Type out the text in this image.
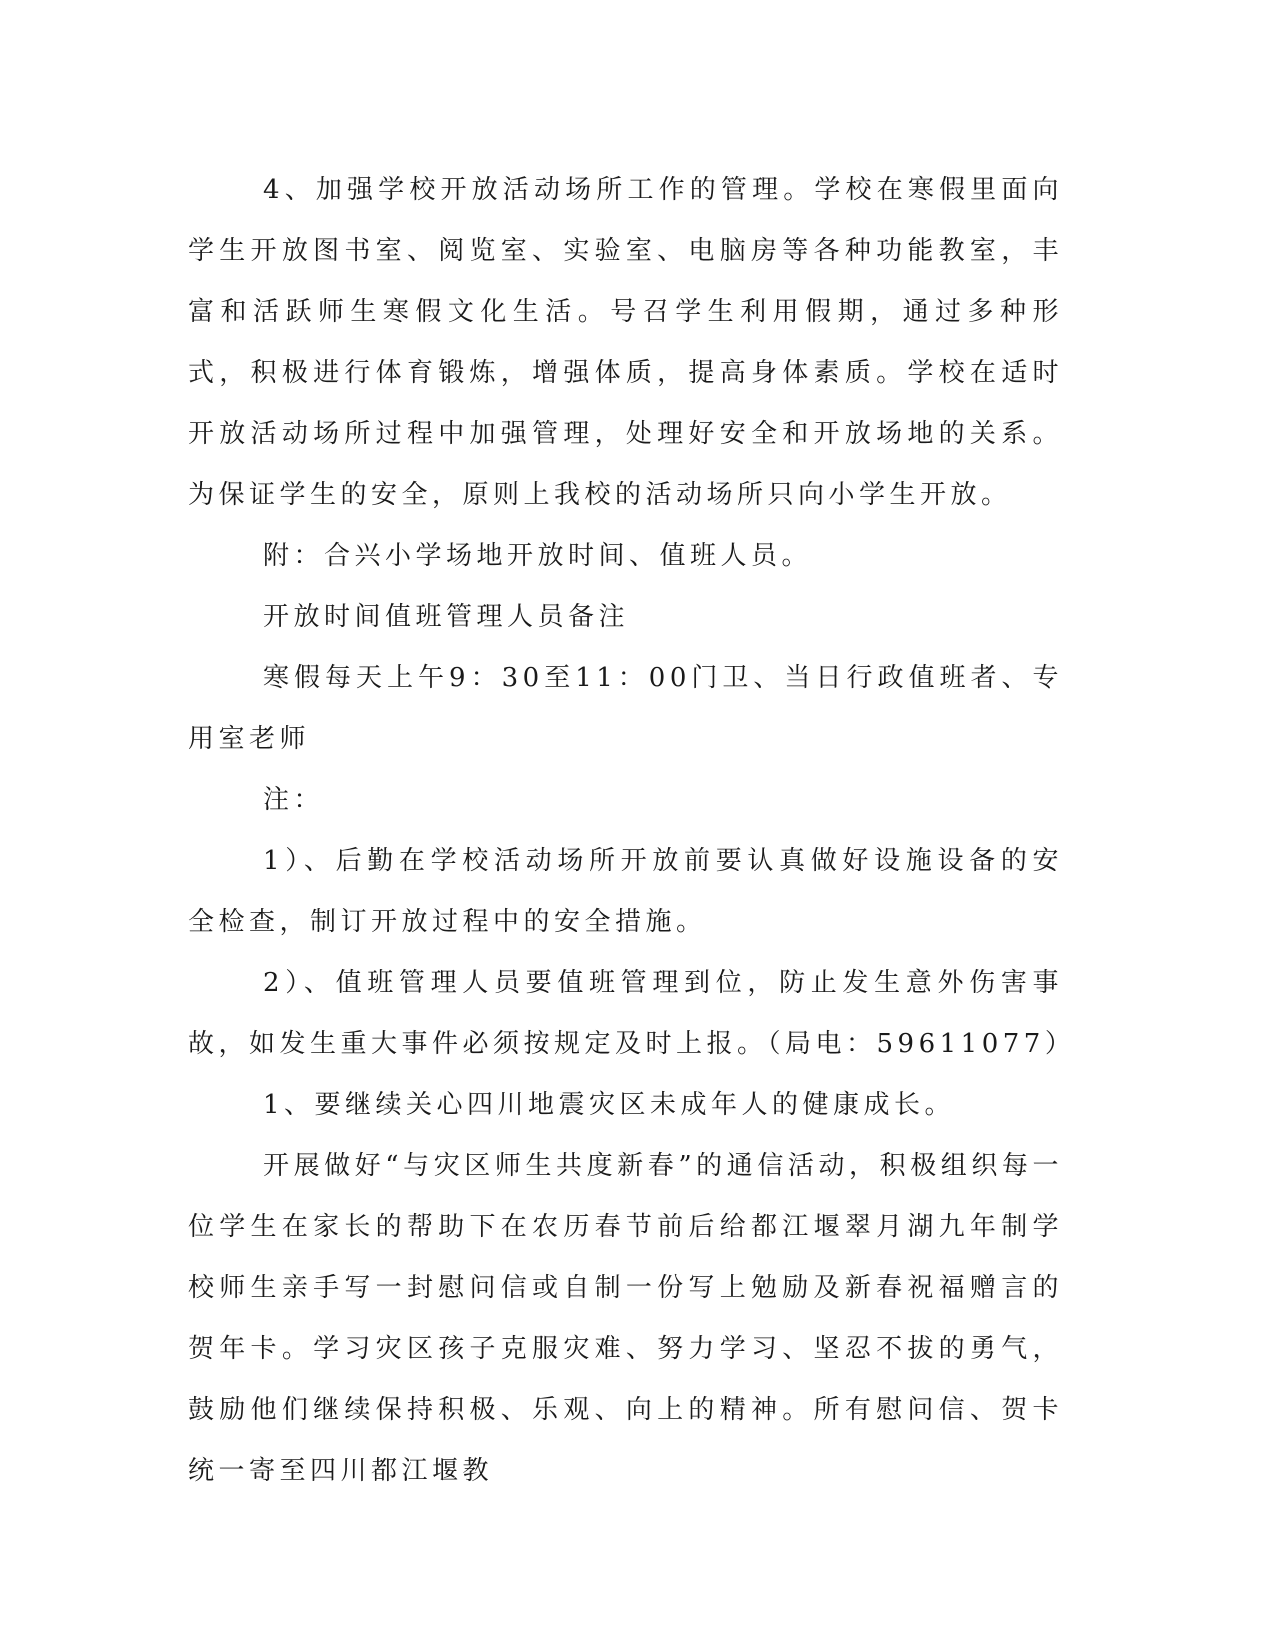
4、加强学校开放活动场所工作的管理。学校在寒假里面向学生开放图书室、阅览室、实验室、电脑房等各种功能教室，丰富和活跃师生寒假文化生活。号召学生利用假期，通过多种形式，积极进行体育锻炼，增强体质，提高身体素质。学校在适时开放活动场所过程中加强管理，处理好安全和开放场地的关系。为保证学生的安全，原则上我校的活动场所只向小学生开放。

附：合兴小学场地开放时间、值班人员。

开放时间值班管理人员备注

寒假每天上午9：30至11：00门卫、当日行政值班者、专用室老师

注：

1）、后勤在学校活动场所开放前要认真做好设施设备的安全检查，制订开放过程中的安全措施。

2）、值班管理人员要值班管理到位，防止发生意外伤害事故，如发生重大事件必须按规定及时上报。（局电：59611077）

1、要继续关心四川地震灾区未成年人的健康成长。

开展做好“与灾区师生共度新春”的通信活动，积极组织每一位学生在家长的帮助下在农历春节前后给都江堰翠月湖九年制学校师生亲手写一封慰问信或自制一份写上勉励及新春祝福赠言的贺年卡。学习灾区孩子克服灾难、努力学习、坚忍不拔的勇气，鼓励他们继续保持积极、乐观、向上的精神。所有慰问信、贺卡统一寄至四川都江堰教
